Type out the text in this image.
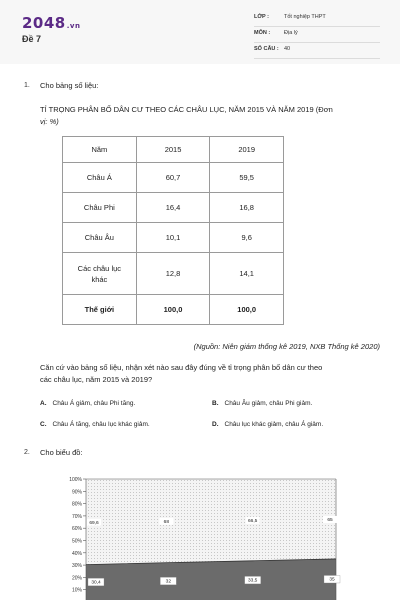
2048.vn
Đề 7
LỚP :	Tốt nghiệp THPT
MÔN :	Địa lý
SỐ CÂU : 40
1. Cho bảng số liệu:
TỈ TRỌNG PHÂN BỐ DÂN CƯ THEO CÁC CHÂU LỤC, NĂM 2015 VÀ NĂM 2019 (Đơn
vị: %)
Năm	2015	2019
Châu Á	60,7	59,5
Châu Phi	16,4	16,8
Châu Âu	10,1	9,6
Các châu lục khác	12,8	14,1
Thế giới	100,0	100,0
(Nguồn: Niên giám thống kê 2019, NXB Thống kê 2020)
Căn cứ vào bảng số liệu, nhận xét nào sau đây đúng về tỉ trọng phân bố dân cư theo
các châu lục, năm 2015 và 2019?
A. Châu Á giảm, châu Phi tăng.	B. Châu Âu giảm, châu Phi giảm.
C. Châu Á tăng, châu lục khác giảm.	D. Châu lục khác giảm, châu Á giảm.
2. Cho biểu đồ:
10%
20%
30%
40%
50%
60%
70%
80%
90%
100%
69,6	68	66,5	65
30,4	32	33,5	35
